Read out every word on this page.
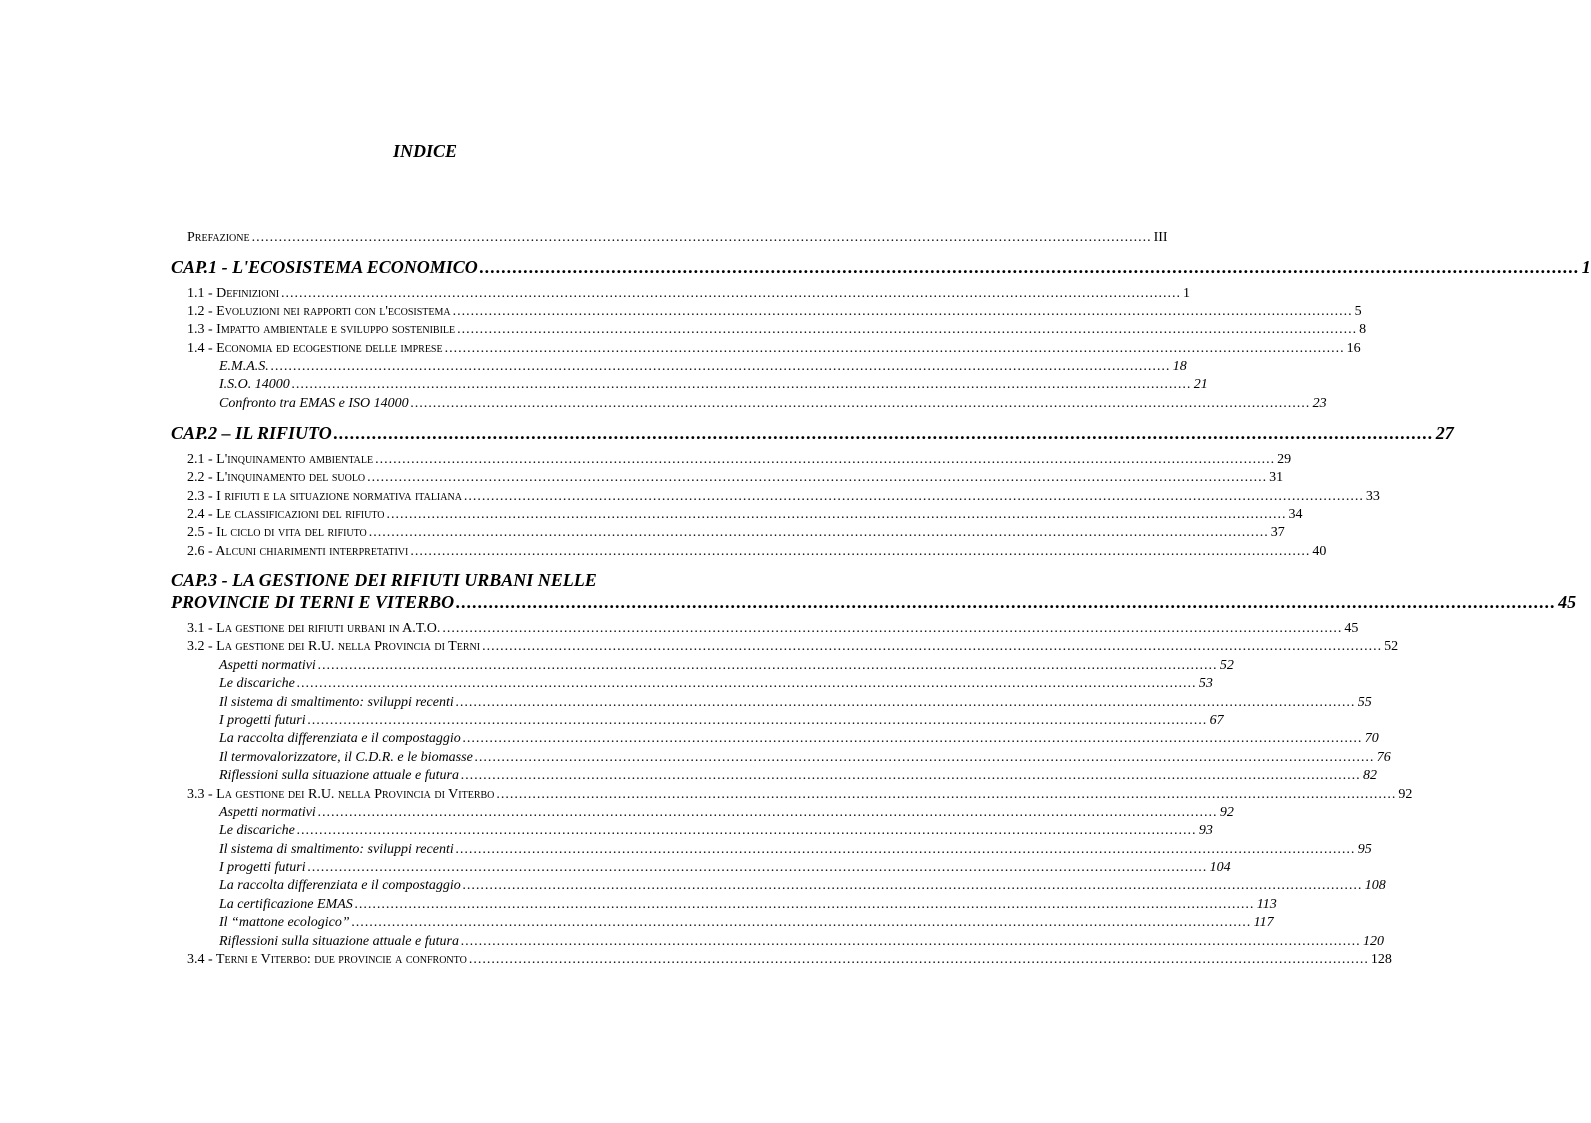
INDICE
Prefazione ........................................................................................................................................................................................................ III
CAP.1 - L'ECOSISTEMA ECONOMICO ........................................................................................................................................................................................................ 1
1.1 - Definizioni ........................................................................................................................................................................................................ 1
1.2 - Evoluzioni nei rapporti con l'ecosistema ........................................................................................................................................................................................................ 5
1.3 - Impatto ambientale e sviluppo sostenibile ........................................................................................................................................................................................................ 8
1.4 - Economia ed ecogestione delle imprese ........................................................................................................................................................................................................ 16
E.M.A.S. ........................................................................................................................................................................................................ 18
I.S.O. 14000 ........................................................................................................................................................................................................ 21
Confronto tra EMAS e ISO 14000 ........................................................................................................................................................................................................ 23
CAP.2 – IL RIFIUTO ........................................................................................................................................................................................................ 27
2.1 - L'inquinamento ambientale ........................................................................................................................................................................................................ 29
2.2 - L'inquinamento del suolo ........................................................................................................................................................................................................ 31
2.3 - I rifiuti e la situazione normativa italiana ........................................................................................................................................................................................................ 33
2.4 - Le classificazioni del rifiuto ........................................................................................................................................................................................................ 34
2.5 - Il ciclo di vita del rifiuto ........................................................................................................................................................................................................ 37
2.6 - Alcuni chiarimenti interpretativi ........................................................................................................................................................................................................ 40
CAP.3 - LA GESTIONE DEI RIFIUTI URBANI NELLE
PROVINCIE DI TERNI E VITERBO ........................................................................................................................................................................................................ 45
3.1 - La gestione dei rifiuti urbani in A.T.O. ........................................................................................................................................................................................................ 45
3.2 - La gestione dei R.U. nella Provincia di Terni ........................................................................................................................................................................................................ 52
Aspetti normativi ........................................................................................................................................................................................................ 52
Le discariche ........................................................................................................................................................................................................ 53
Il sistema di smaltimento: sviluppi recenti ........................................................................................................................................................................................................ 55
I progetti futuri ........................................................................................................................................................................................................ 67
La raccolta differenziata e il compostaggio ........................................................................................................................................................................................................ 70
Il termovalorizzatore, il C.D.R. e le biomasse ........................................................................................................................................................................................................ 76
Riflessioni sulla situazione attuale e futura ........................................................................................................................................................................................................ 82
3.3 - La gestione dei R.U. nella Provincia di Viterbo ........................................................................................................................................................................................................ 92
Aspetti normativi ........................................................................................................................................................................................................ 92
Le discariche ........................................................................................................................................................................................................ 93
Il sistema di smaltimento: sviluppi recenti ........................................................................................................................................................................................................ 95
I progetti futuri ........................................................................................................................................................................................................ 104
La raccolta differenziata e il compostaggio ........................................................................................................................................................................................................ 108
La certificazione EMAS ........................................................................................................................................................................................................ 113
Il “mattone ecologico” ........................................................................................................................................................................................................ 117
Riflessioni sulla situazione attuale e futura ........................................................................................................................................................................................................ 120
3.4 - Terni e Viterbo: due provincie a confronto ........................................................................................................................................................................................................ 128
